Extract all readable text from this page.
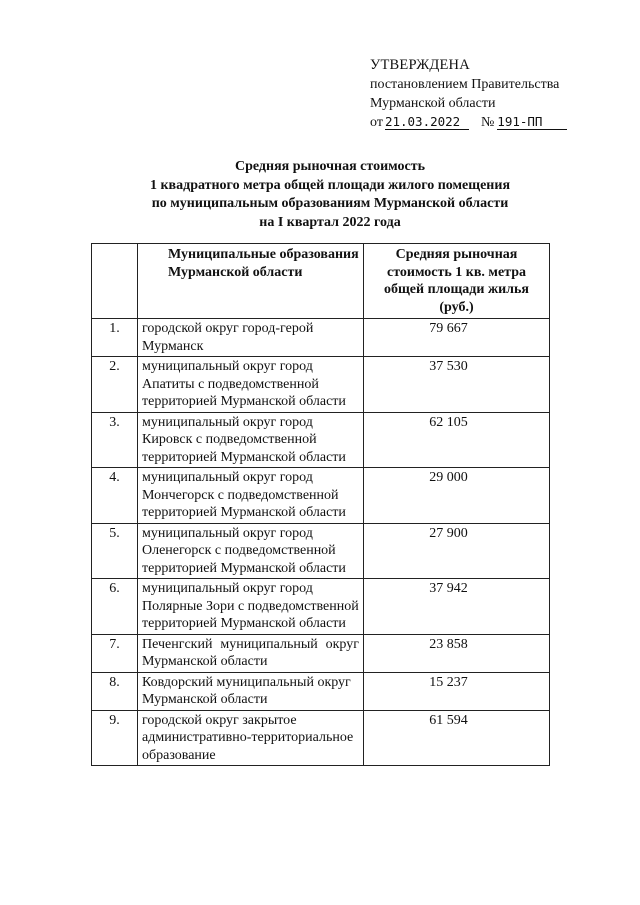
УТВЕРЖДЕНА
постановлением Правительства
Мурманской области
от 21.03.2022	№ 191-ПП
Средняя рыночная стоимость
1 квадратного метра общей площади жилого помещения
по муниципальным образованиям Мурманской области
на I квартал 2022 года
	Муниципальные образования Мурманской области	Средняя рыночная стоимость 1 кв. метра общей площади жилья (руб.)
1.	городской округ город-герой Мурманск	79 667
2.	муниципальный округ город Апатиты с подведомственной территорией Мурманской области	37 530
3.	муниципальный округ город Кировск с подведомственной территорией Мурманской области	62 105
4.	муниципальный округ город Мончегорск с подведомственной территорией Мурманской области	29 000
5.	муниципальный округ город Оленегорск с подведомственной территорией Мурманской области	27 900
6.	муниципальный округ город Полярные Зори с подведомственной территорией Мурманской области	37 942
7.	Печенгский муниципальный округ Мурманской области	23 858
8.	Ковдорский муниципальный округ Мурманской области	15 237
9.	городской округ закрытое административно-территориальное образование	61 594
